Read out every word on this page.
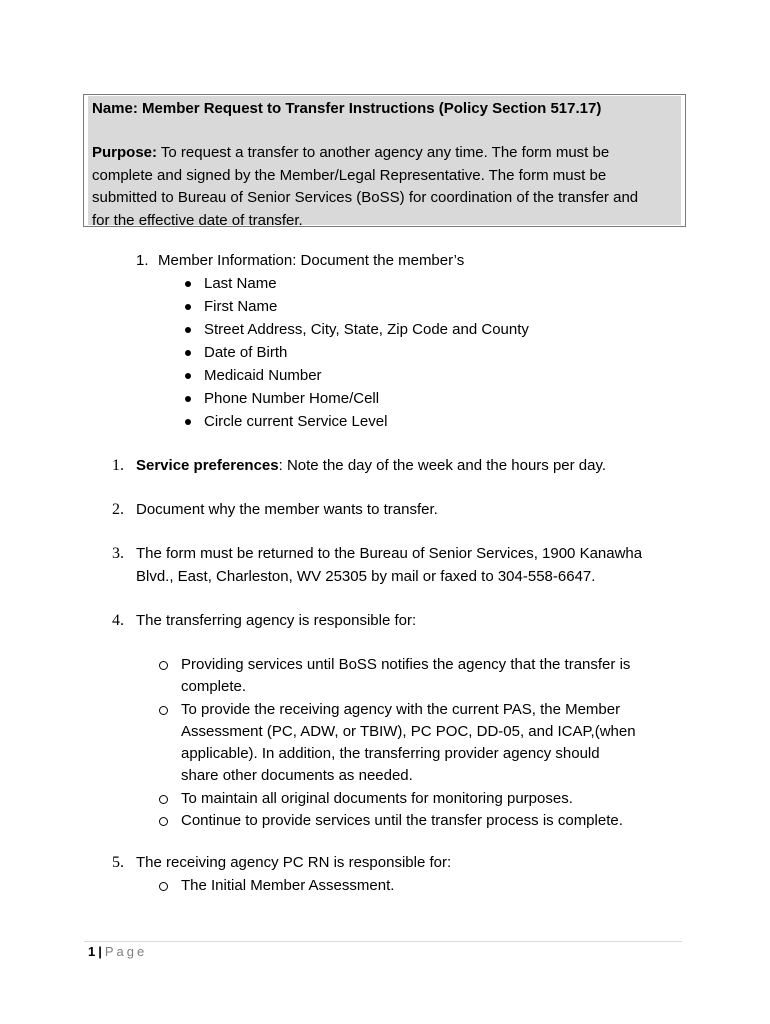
Name: Member Request to Transfer Instructions (Policy Section 517.17)
Purpose: To request a transfer to another agency any time. The form must be
complete and signed by the Member/Legal Representative. The form must be
submitted to Bureau of Senior Services (BoSS) for coordination of the transfer and
for the effective date of transfer.
1. Member Information: Document the member’s
Last Name
First Name
Street Address, City, State, Zip Code and County
Date of Birth
Medicaid Number
Phone Number Home/Cell
Circle current Service Level
1. Service preferences: Note the day of the week and the hours per day.
2. Document why the member wants to transfer.
3. The form must be returned to the Bureau of Senior Services, 1900 Kanawha
Blvd., East, Charleston, WV 25305 by mail or faxed to 304-558-6647.
4. The transferring agency is responsible for:
Providing services until BoSS notifies the agency that the transfer is
complete.
To provide the receiving agency with the current PAS, the Member
Assessment (PC, ADW, or TBIW), PC POC, DD-05, and ICAP,(when
applicable). In addition, the transferring provider agency should
share other documents as needed.
To maintain all original documents for monitoring purposes.
Continue to provide services until the transfer process is complete.
5. The receiving agency PC RN is responsible for:
The Initial Member Assessment.
1 | Page
